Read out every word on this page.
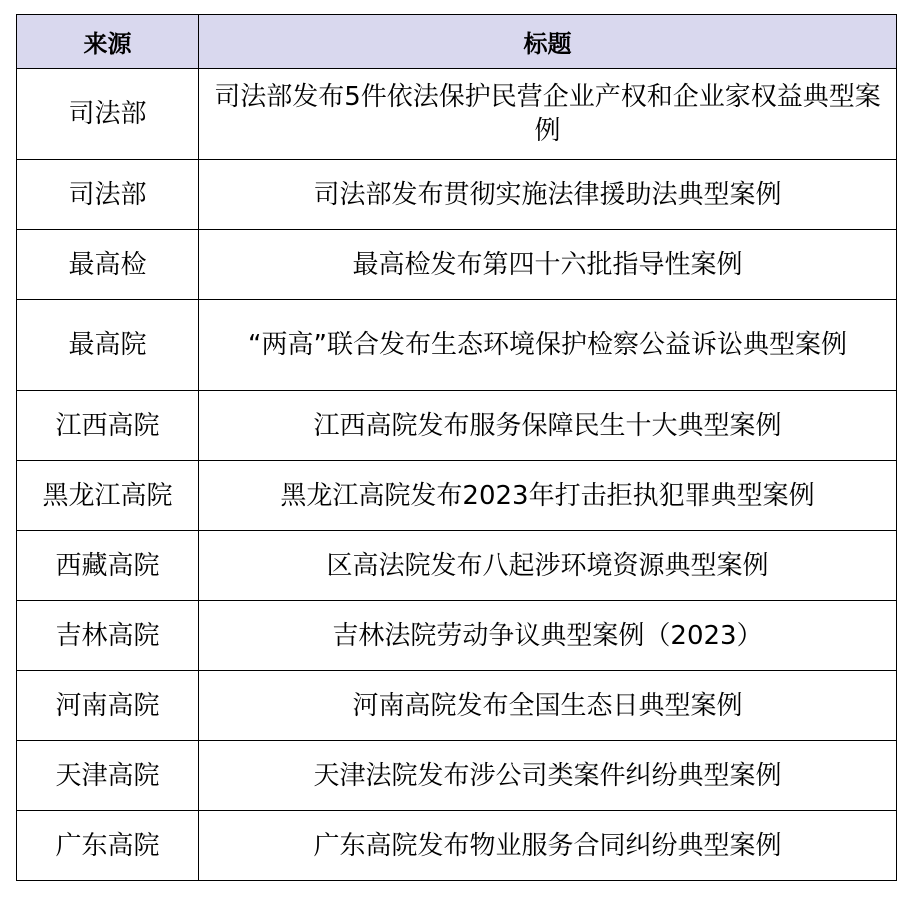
来源	标题
司法部	司法部发布5件依法保护民营企业产权和企业家权益典型案例
司法部	司法部发布贯彻实施法律援助法典型案例
最高检	最高检发布第四十六批指导性案例
最高院	“两高”联合发布生态环境保护检察公益诉讼典型案例
江西高院	江西高院发布服务保障民生十大典型案例
黑龙江高院	黑龙江高院发布2023年打击拒执犯罪典型案例
西藏高院	区高法院发布八起涉环境资源典型案例
吉林高院	吉林法院劳动争议典型案例（2023）
河南高院	河南高院发布全国生态日典型案例
天津高院	天津法院发布涉公司类案件纠纷典型案例
广东高院	广东高院发布物业服务合同纠纷典型案例
